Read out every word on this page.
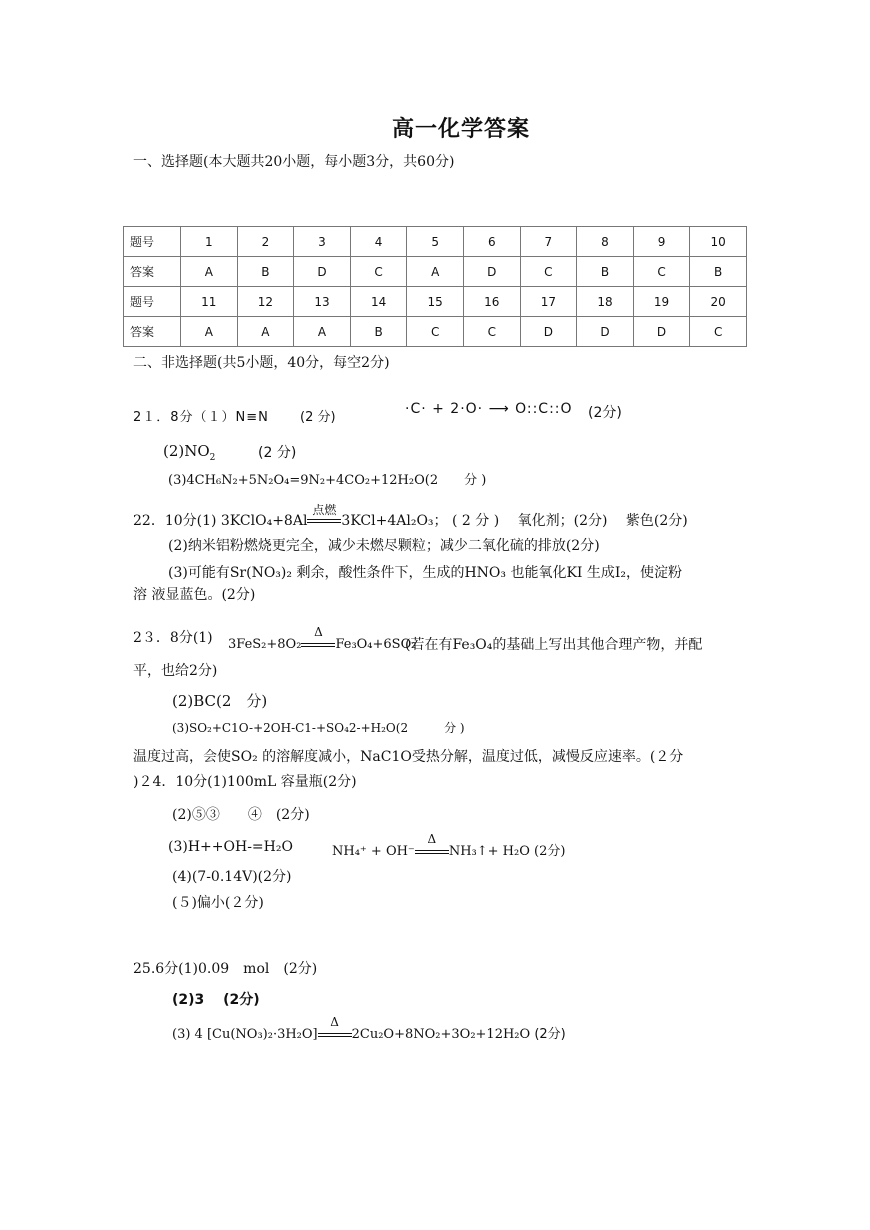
高一化学答案
一、选择题(本大题共20小题，每小题3分，共60分)
题号	1	2	3	4	5	6	7	8	9	10
答案	A	B	D	C	A	D	C	B	C	B
题号	11	12	13	14	15	16	17	18	19	20
答案	A	A	A	B	C	C	D	D	D	C
二、非选择题(共5小题，40分，每空2分)
2１．8分（１）N≡N (2 分)
·C· + 2·O· ⟶ O::C::O (2分)
$(2)NO_2$	(2 分)
(3)4CH₆N₂+5N₂O₄=9N₂+4CO₂+12H₂O(2　　分 )
22．10分(1) 3KClO₄+8Al
点燃
3KCl+4Al₂O₃； ( 2 分 )　 氧化剂；(2分)　 紫色(2分)
(2)纳米铝粉燃烧更完全，减少未燃尽颗粒；减少二氧化硫的排放(2分)
(3)可能有Sr(NO₃)₂ 剩余，酸性条件下，生成的HNO₃ 也能氧化KI 生成I₂，使淀粉
溶 液显蓝色。(2分)
2３．8分(1) 3FeS₂+8O₂
Δ
Fe₃O₄+6SO₂
(若在有Fe₃O₄的基础上写出其他合理产物，并配
平，也给2分)
(2)BC(2　分)
(3)SO₂+C1O-+2OH-C1-+SO₄2-+H₂O(2　　　分 )
温度过高，会使SO₂ 的溶解度减小，NaC1O受热分解，温度过低，减慢反应速率。(２分
)２4．10分(1)100mL 容量瓶(2分)
(2)⑤③　　④　(2分)
(3)H++OH-=H₂O	NH₄⁺ + OH⁻
Δ
NH₃↑+ H₂O (2分)
(4)(7-0.14V)(2分)
(５)偏小(２分)
25.6分(1)0.09　mol　(2分)
(2)3　 (2分)
(3) 4 [Cu(NO₃)₂·3H₂O]
Δ
2Cu₂O+8NO₂+3O₂+12H₂O (2分)
